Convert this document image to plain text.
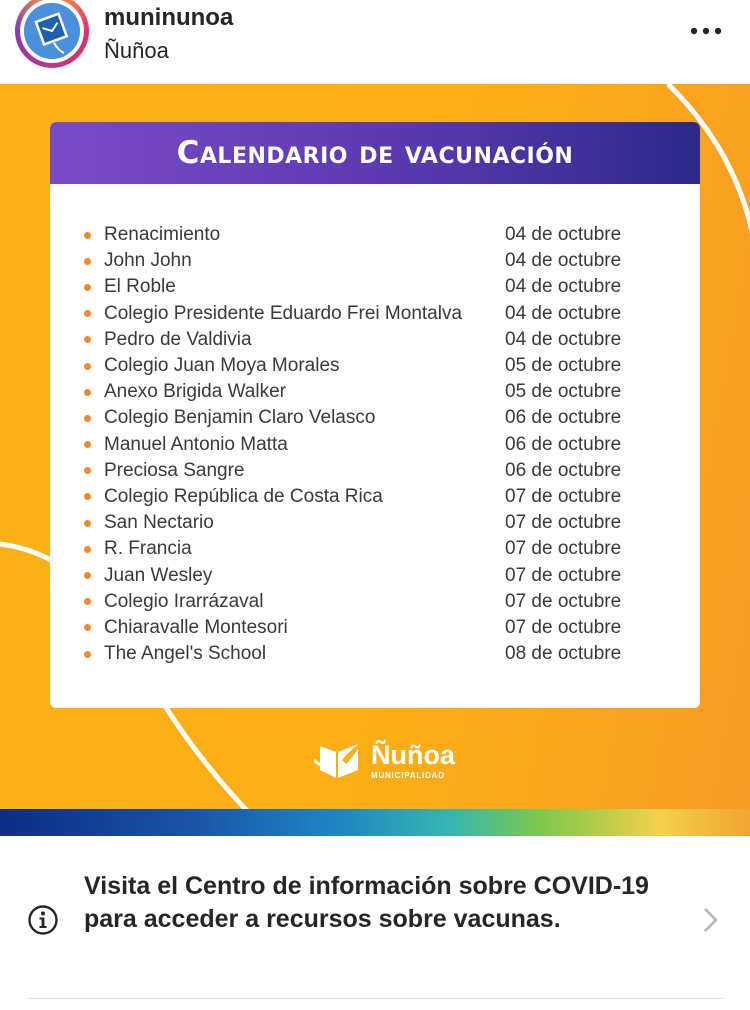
muninunoa
Ñuñoa
Calendario de vacunación
Renacimiento	04 de octubre
John John	04 de octubre
El Roble	04 de octubre
Colegio Presidente Eduardo Frei Montalva 04 de octubre
Pedro de Valdivia	04 de octubre
Colegio Juan Moya Morales	05 de octubre
Anexo Brigida Walker	05 de octubre
Colegio Benjamin Claro Velasco	06 de octubre
Manuel Antonio Matta	06 de octubre
Preciosa Sangre	06 de octubre
Colegio República de Costa Rica	07 de octubre
San Nectario	07 de octubre
R. Francia	07 de octubre
Juan Wesley	07 de octubre
Colegio Irarrázaval	07 de octubre
Chiaravalle Montesori	07 de octubre
The Angel's School	08 de octubre
Ñuñoa
MUNICIPALIDAD
Visita el Centro de información sobre COVID-19 para acceder a recursos sobre vacunas.
